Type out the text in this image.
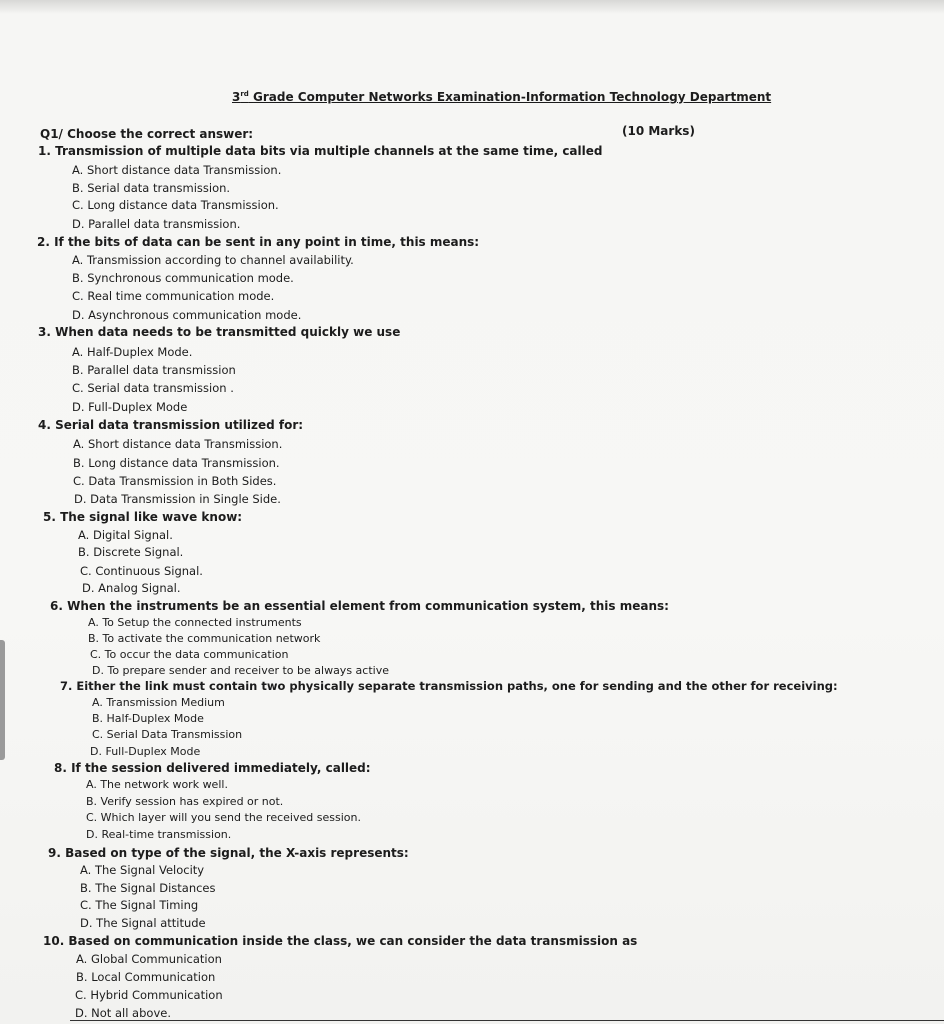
3rd Grade Computer Networks Examination-Information Technology Department
Q1/ Choose the correct answer:	(10 Marks)
1. Transmission of multiple data bits via multiple channels at the same time, called
A. Short distance data Transmission.
B. Serial data transmission.
C. Long distance data Transmission.
D. Parallel data transmission.
2. If the bits of data can be sent in any point in time, this means:
A. Transmission according to channel availability.
B. Synchronous communication mode.
C. Real time communication mode.
D. Asynchronous communication mode.
3. When data needs to be transmitted quickly we use
A. Half-Duplex Mode.
B. Parallel data transmission
C. Serial data transmission .
D. Full-Duplex Mode
4. Serial data transmission utilized for:
A. Short distance data Transmission.
B. Long distance data Transmission.
C. Data Transmission in Both Sides.
D. Data Transmission in Single Side.
5. The signal like wave know:
A. Digital Signal.
B. Discrete Signal.
C. Continuous Signal.
D. Analog Signal.
6. When the instruments be an essential element from communication system, this means:
A. To Setup the connected instruments
B. To activate the communication network
C. To occur the data communication
D. To prepare sender and receiver to be always active
7. Either the link must contain two physically separate transmission paths, one for sending and the other for receiving:
A. Transmission Medium
B. Half-Duplex Mode
C. Serial Data Transmission
D. Full-Duplex Mode
8. If the session delivered immediately, called:
A. The network work well.
B. Verify session has expired or not.
C. Which layer will you send the received session.
D. Real-time transmission.
9. Based on type of the signal, the X-axis represents:
A. The Signal Velocity
B. The Signal Distances
C. The Signal Timing
D. The Signal attitude
10. Based on communication inside the class, we can consider the data transmission as
A. Global Communication
B. Local Communication
C. Hybrid Communication
D. Not all above.
